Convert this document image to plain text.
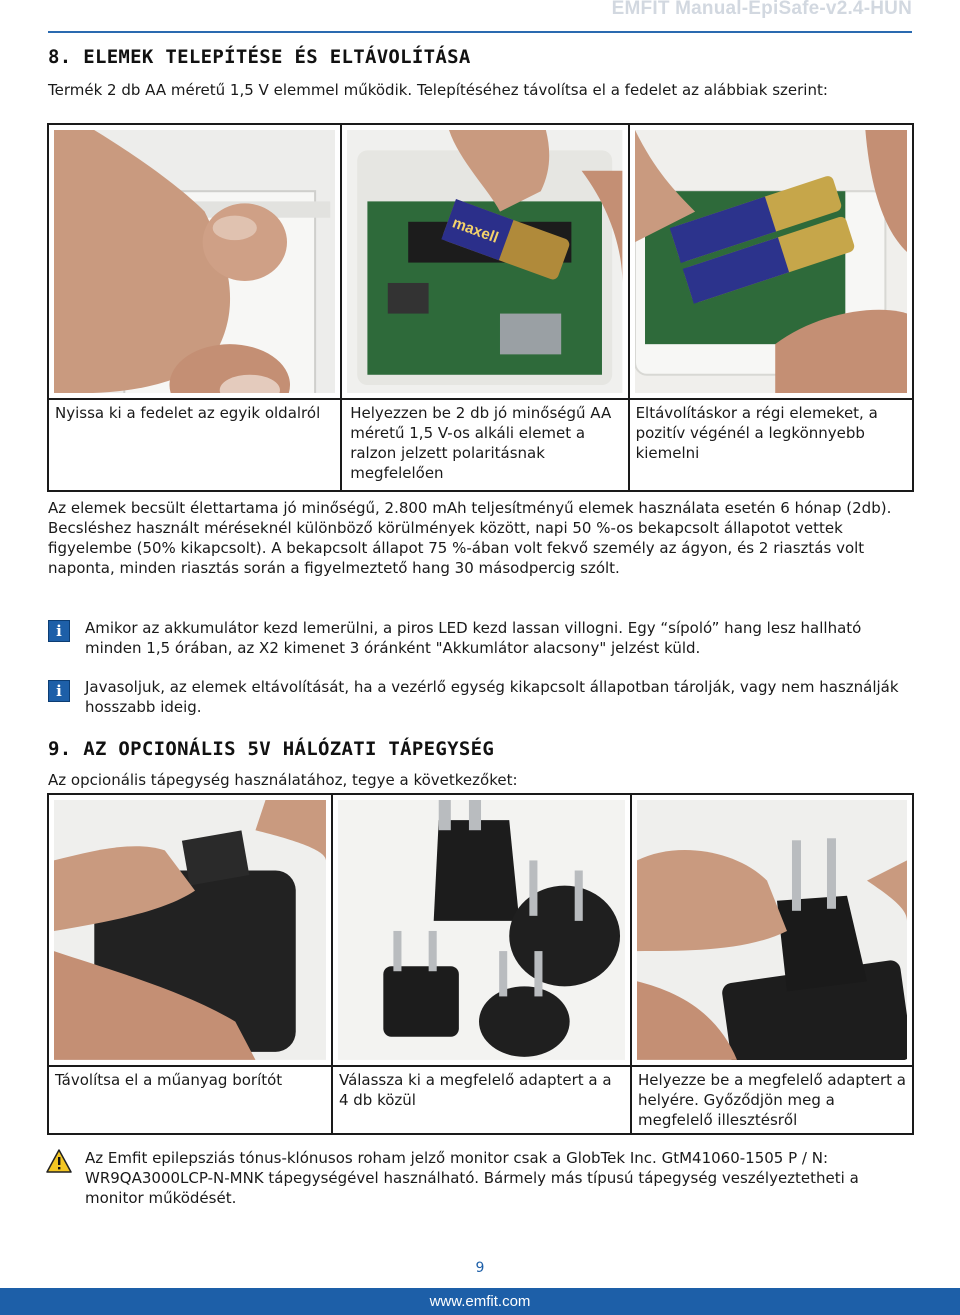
EMFIT Manual-EpiSafe-v2.4-HUN
8. ELEMEK TELEPÍTÉSE ÉS ELTÁVOLÍTÁSA
Termék 2 db AA méretű 1,5 V elemmel működik. Telepítéséhez távolítsa el a fedelet az alábbiak szerint:

maxell

Nyissa ki a fedelet az egyik oldalról	Helyezzen be 2 db jó minőségű AA méretű 1,5 V-os alkáli elemet a ralzon jelzett polaritásnak megfelelően	Eltávolításkor a régi elemeket, a pozitív végénél a legkönnyebb kiemelni
Az elemek becsült élettartama jó minőségű, 2.800 mAh teljesítményű elemek használata esetén 6 hónap (2db). Becsléshez használt méréseknél különböző körülmények között, napi 50 %-os bekapcsolt állapotot vettek figyelembe (50% kikapcsolt). A bekapcsolt állapot 75 %-ában volt fekvő személy az ágyon, és 2 riasztás volt naponta, minden riasztás során a figyelmeztető hang 30 másodpercig szólt.
i	Amikor az akkumulátor kezd lemerülni, a piros LED kezd lassan villogni. Egy “sípoló” hang lesz hallható minden 1,5 órában, az X2 kimenet 3 óránként "Akkumlátor alacsony" jelzést küld.
i	Javasoljuk, az elemek eltávolítását, ha a vezérlő egység kikapcsolt állapotban tárolják, vagy nem használják hosszabb ideig.
9. AZ OPCIONÁLIS 5V HÁLÓZATI TÁPEGYSÉG
Az opcionális tápegység használatához, tegye a következőket:

Távolítsa el a műanyag borítót	Válassza ki a megfelelő adaptert a a 4 db közül	Helyezze be a megfelelő adaptert a helyére. Győződjön meg a megfelelő illesztésről
Az Emfit epilepsziás tónus-klónusos roham jelző monitor csak a GlobTek Inc. GtM41060-1505 P / N: WR9QA3000LCP-N-MNK tápegységével használható. Bármely más típusú tápegység veszélyeztetheti a monitor működését.
9
www.emfit.com
